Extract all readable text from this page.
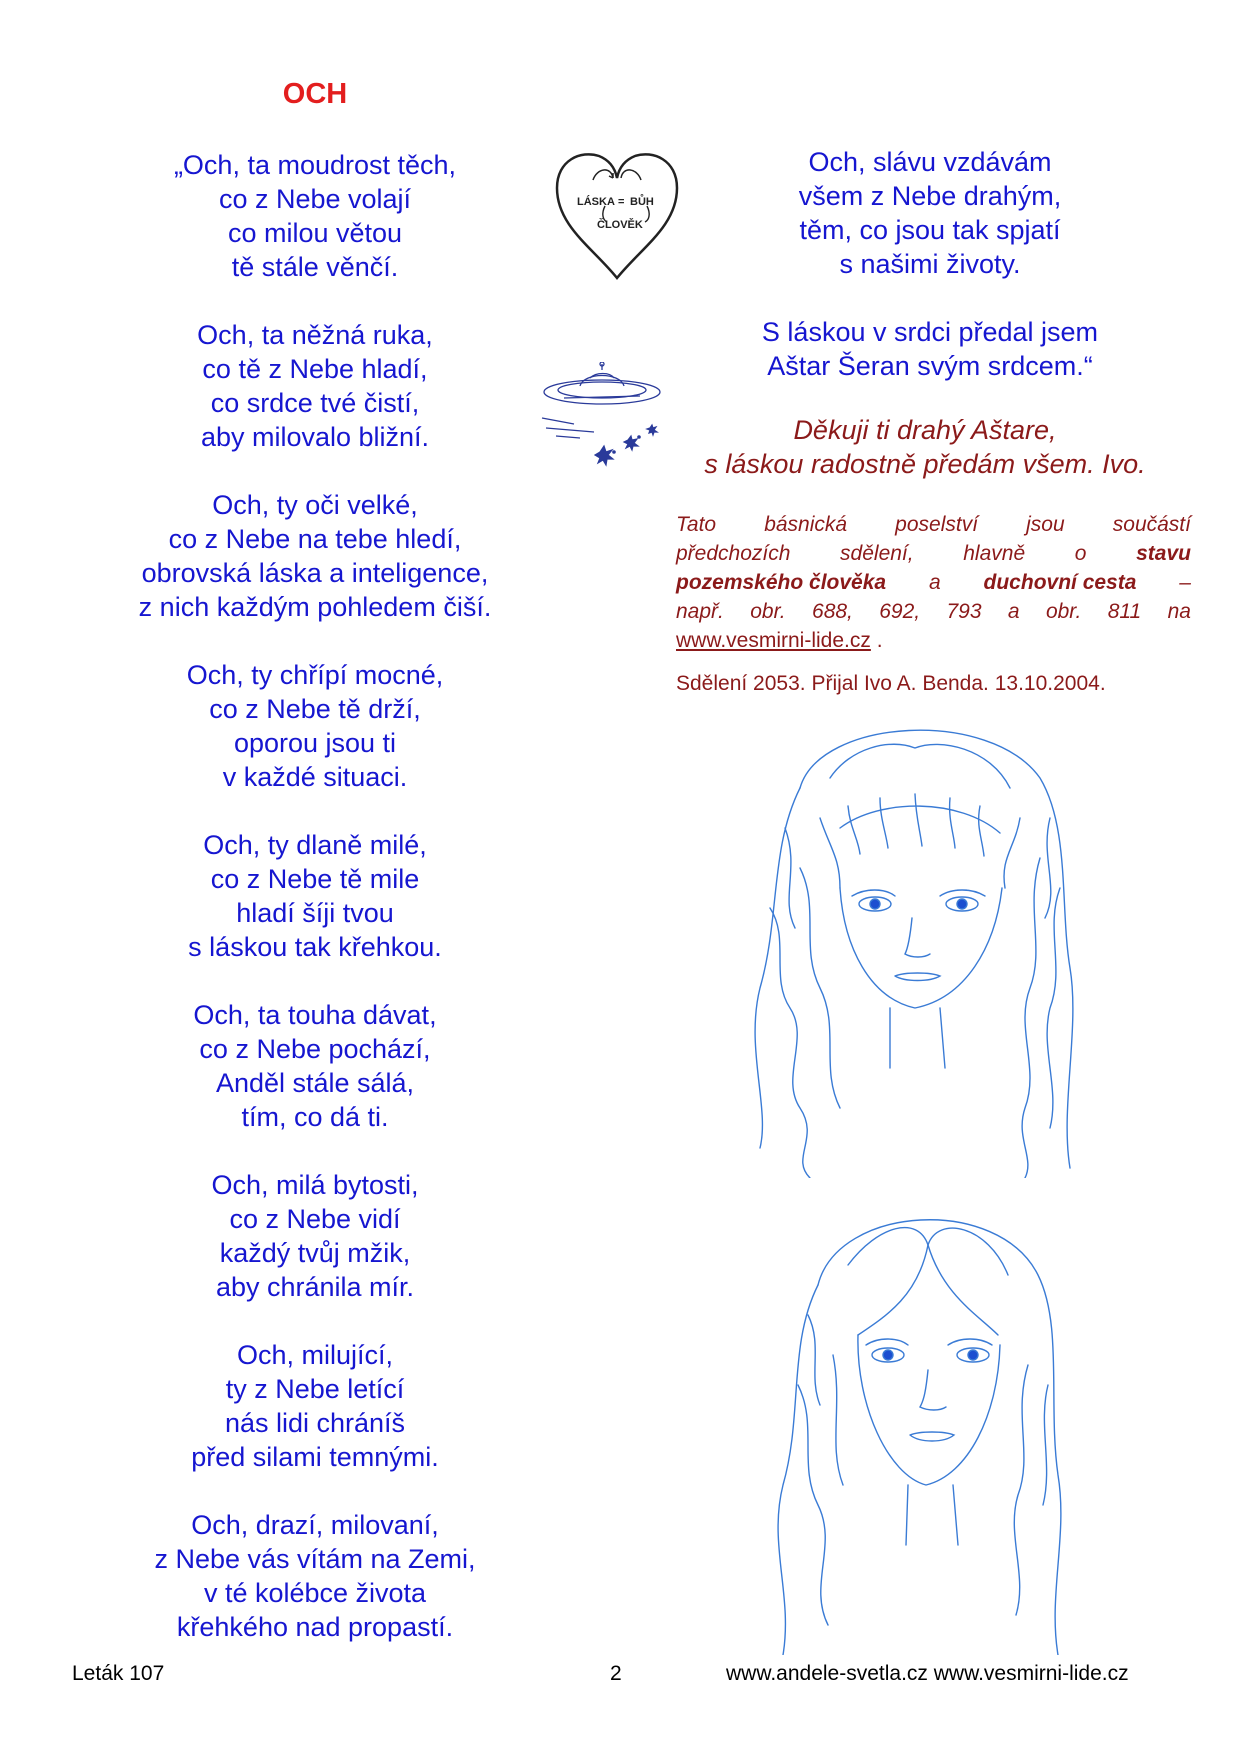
OCH
„Och, ta moudrost těch,
co z Nebe volají
co milou větou
tě stále věnčí.
Och, ta něžná ruka,
co tě z Nebe hladí,
co srdce tvé čistí,
aby milovalo bližní.
Och, ty oči velké,
co z Nebe na tebe hledí,
obrovská láska a inteligence,
z nich každým pohledem čiší.
Och, ty chřípí mocné,
co z Nebe tě drží,
oporou jsou ti
v každé situaci.
Och, ty dlaně milé,
co z Nebe tě mile
hladí šíji tvou
s láskou tak křehkou.
Och, ta touha dávat,
co z Nebe pochází,
Anděl stále sálá,
tím, co dá ti.
Och, milá bytosti,
co z Nebe vidí
každý tvůj mžik,
aby chránila mír.
Och, milující,
ty z Nebe letící
nás lidi chráníš
před silami temnými.
Och, drazí, milovaní,
z Nebe vás vítám na Zemi,
v té kolébce života
křehkého nad propastí.
LÁSKA = BŮH
ČLOVĚK
Och, slávu vzdávám
všem z Nebe drahým,
těm, co jsou tak spjatí
s našimi životy.
S láskou v srdci předal jsem
Aštar Šeran svým srdcem.“
Děkuji ti drahý Aštare,
s láskou radostně předám všem. Ivo.
Tato básnická poselství jsou součástí
předchozích sdělení, hlavně o stavu
pozemského člověka a duchovní cesta –
např. obr. 688, 692, 793 a obr. 811 na
www.vesmirni-lide.cz .
Sdělení 2053. Přijal Ivo A. Benda. 13.10.2004.
Leták 107	2	www.andele-svetla.cz www.vesmirni-lide.cz
